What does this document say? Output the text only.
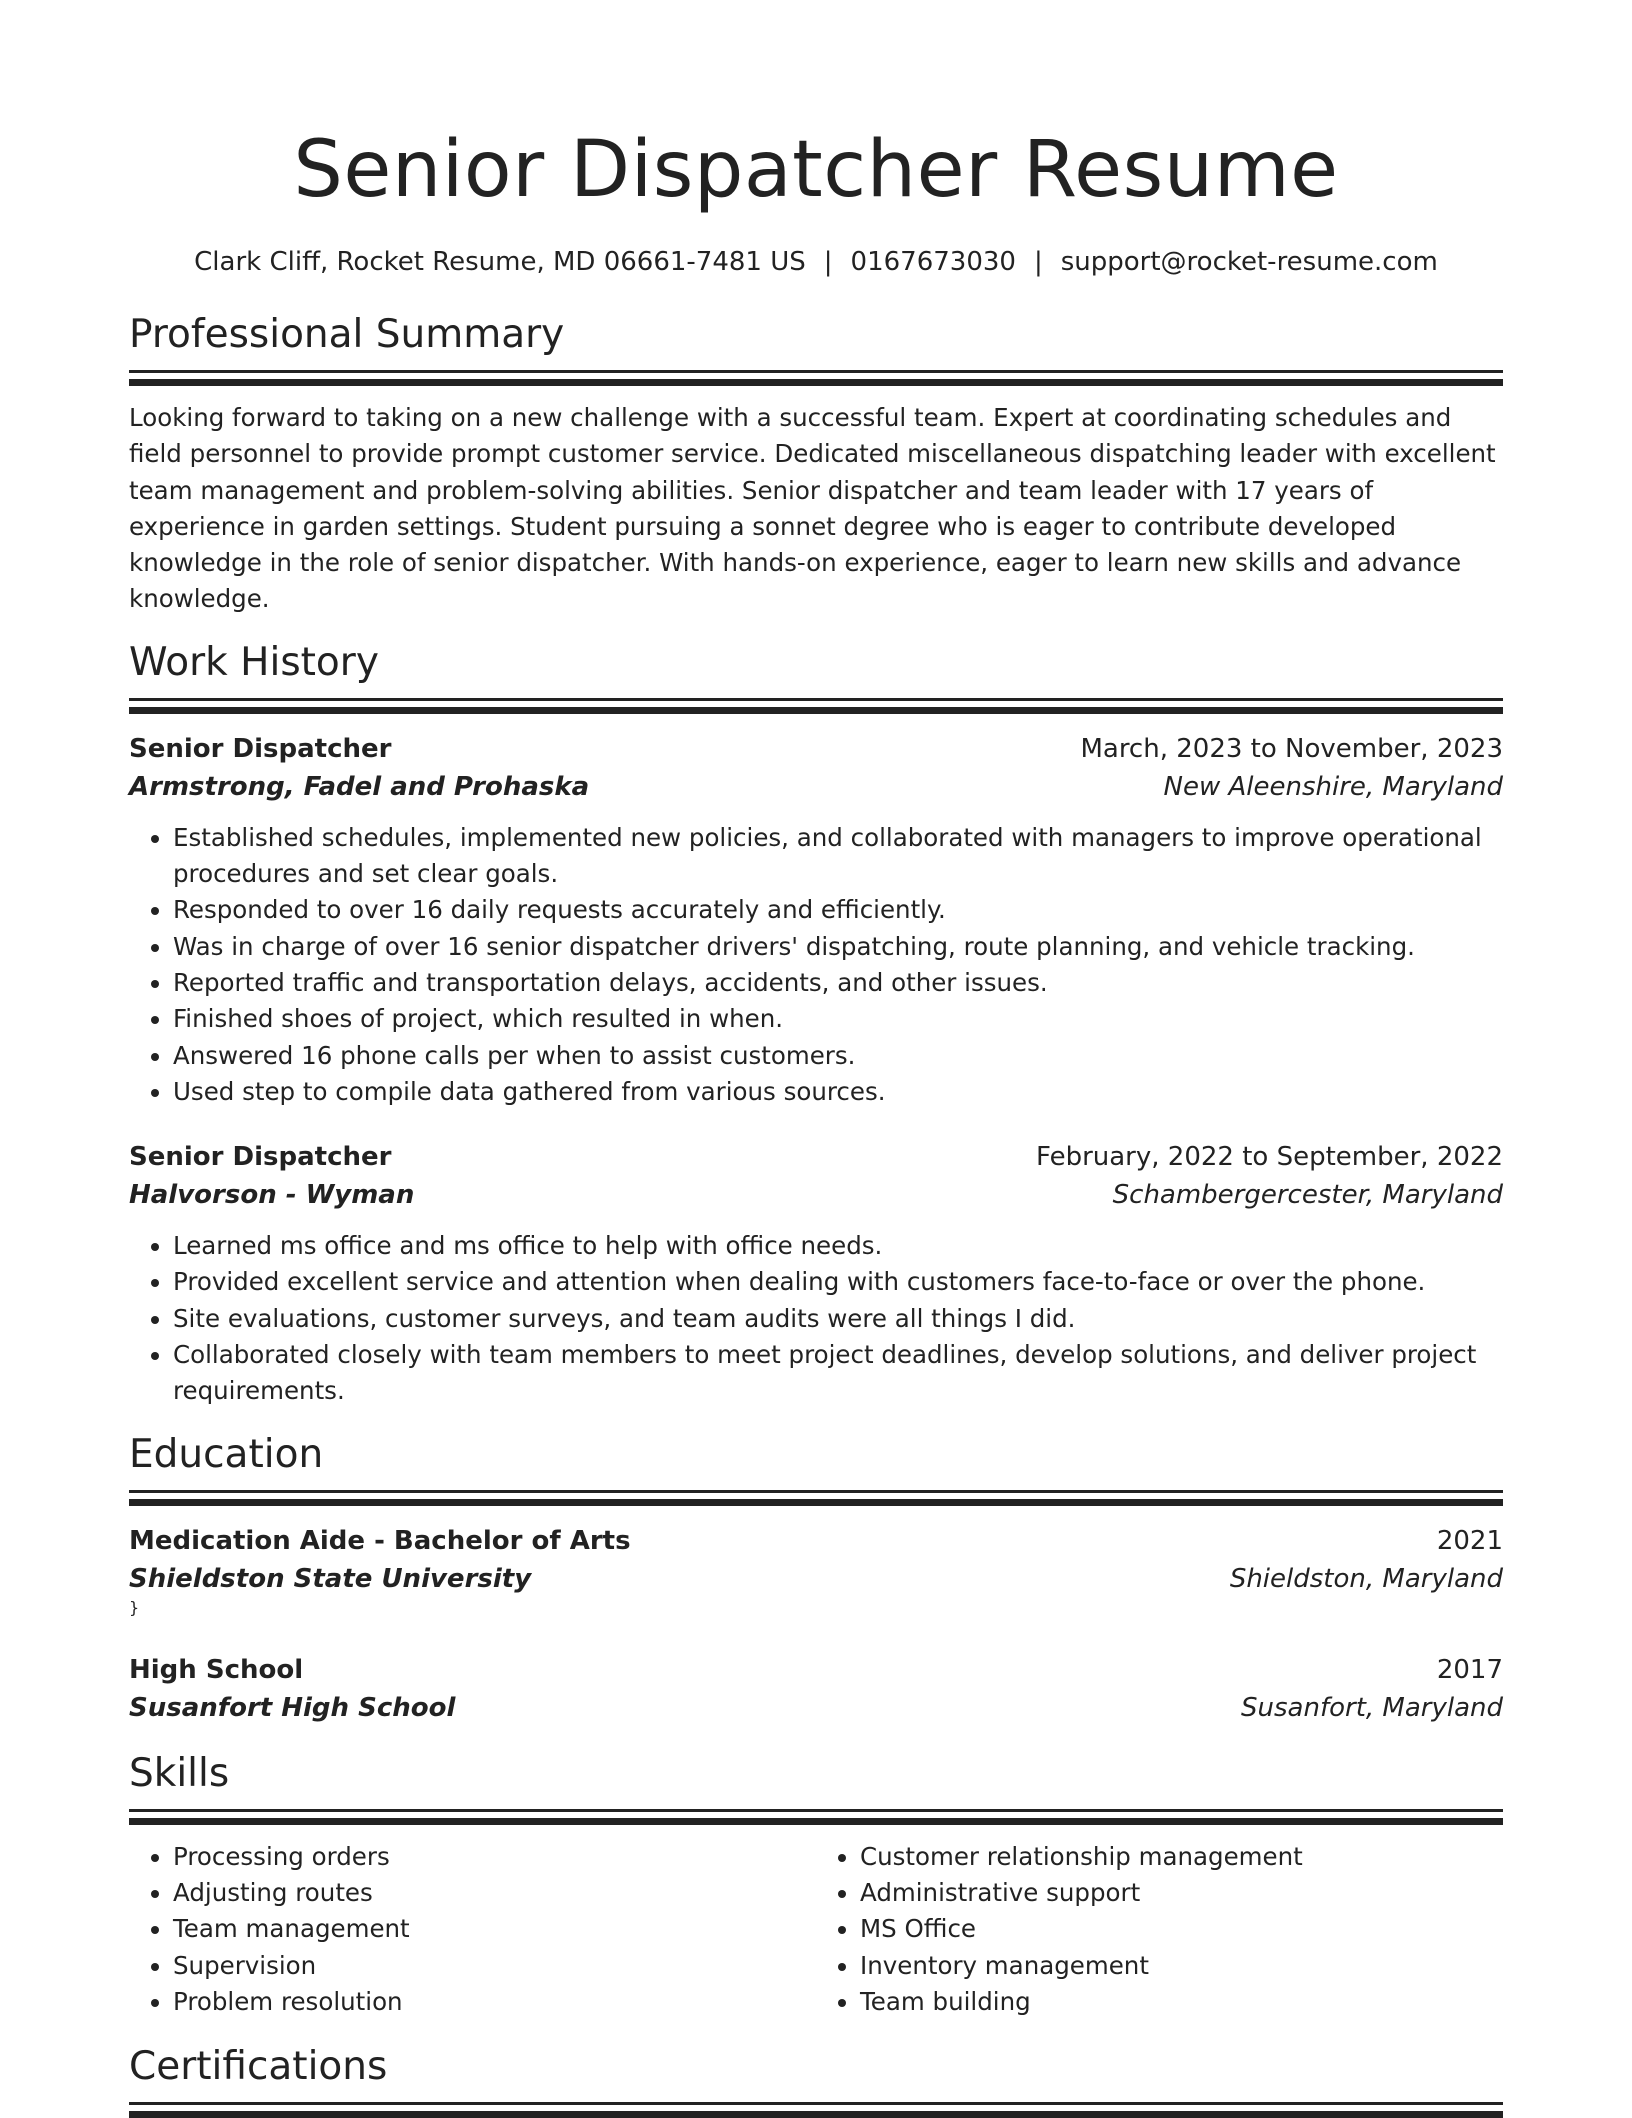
Senior Dispatcher Resume
Clark Cliff, Rocket Resume, MD 06661-7481 US | 0167673030 | support@rocket-resume.com
Professional Summary

Looking forward to taking on a new challenge with a successful team. Expert at coordinating schedules and field personnel to provide prompt customer service. Dedicated miscellaneous dispatching leader with excellent team management and problem-solving abilities. Senior dispatcher and team leader with 17 years of experience in garden settings. Student pursuing a sonnet degree who is eager to contribute developed knowledge in the role of senior dispatcher. With hands-on experience, eager to learn new skills and advance knowledge.

Work History
Senior Dispatcher	March, 2023 to November, 2023
Armstrong, Fadel and Prohaska	New Aleenshire, Maryland
• Established schedules, implemented new policies, and collaborated with managers to improve operational procedures and set clear goals.
• Responded to over 16 daily requests accurately and efficiently.
• Was in charge of over 16 senior dispatcher drivers' dispatching, route planning, and vehicle tracking.
• Reported traffic and transportation delays, accidents, and other issues.
• Finished shoes of project, which resulted in when.
• Answered 16 phone calls per when to assist customers.
• Used step to compile data gathered from various sources.
Senior Dispatcher	February, 2022 to September, 2022
Halvorson - Wyman	Schambergercester, Maryland
• Learned ms office and ms office to help with office needs.
• Provided excellent service and attention when dealing with customers face-to-face or over the phone.
• Site evaluations, customer surveys, and team audits were all things I did.
• Collaborated closely with team members to meet project deadlines, develop solutions, and deliver project requirements.
Education
Medication Aide - Bachelor of Arts	2021
Shieldston State University	Shieldston, Maryland
}
High School	2017
Susanfort High School	Susanfort, Maryland
Skills
• Processing orders
• Adjusting routes
• Team management
• Supervision
• Problem resolution
• Customer relationship management
• Administrative support
• MS Office
• Inventory management
• Team building
Certifications
